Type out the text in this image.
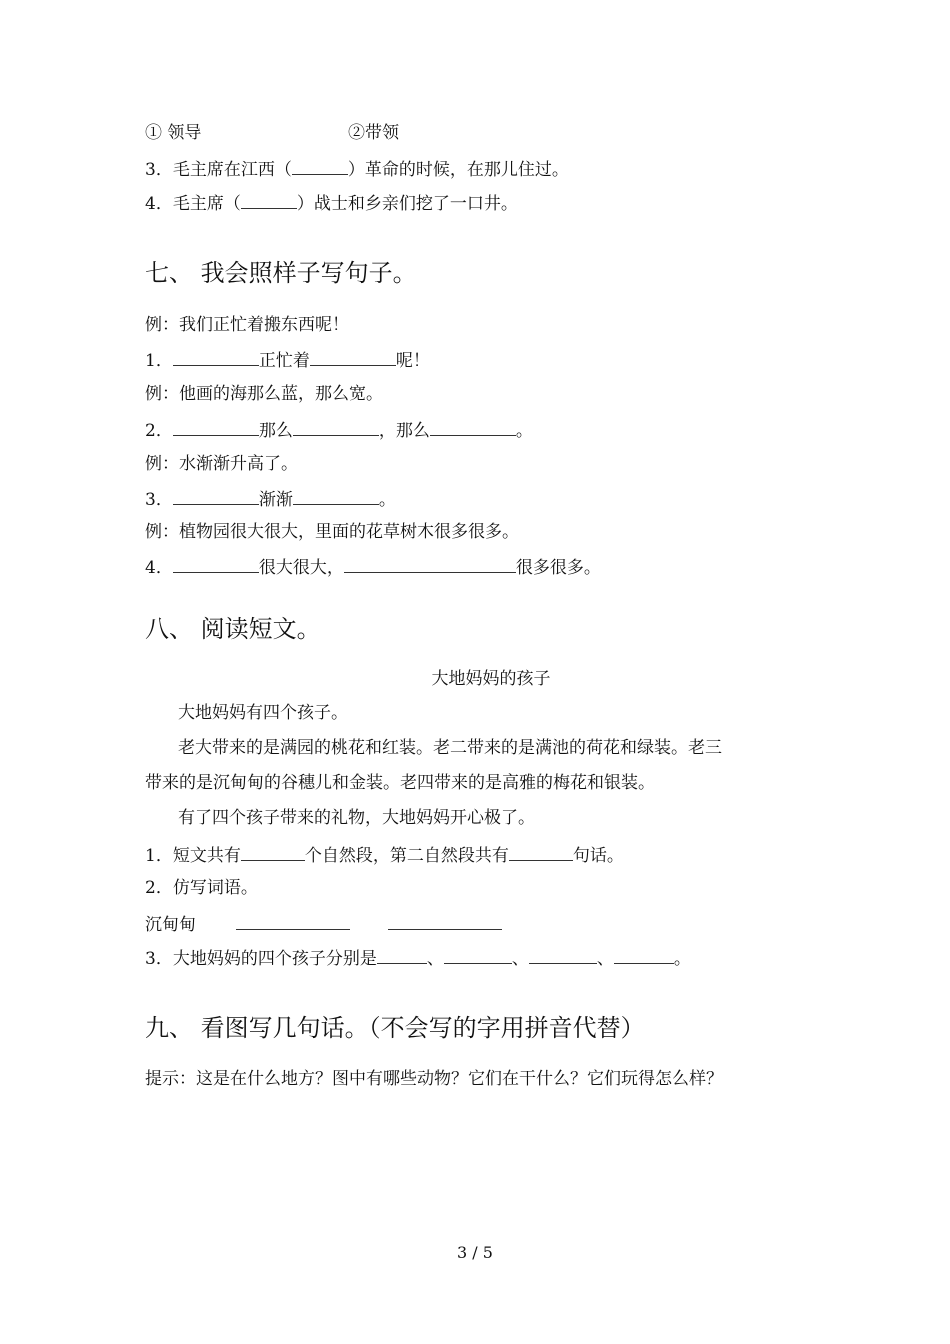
① 领导	②带领
3．毛主席在江西（	）革命的时候，在那儿住过。
4．毛主席（	）战士和乡亲们挖了一口井。
七、 我会照样子写句子。
例：我们正忙着搬东西呢！
1．	正忙着	呢！
例：他画的海那么蓝，那么宽。
2．	那么	，那么	。
例：水渐渐升高了。
3．	渐渐	。
例：植物园很大很大，里面的花草树木很多很多。
4．	很大很大，	很多很多。
八、 阅读短文。
大地妈妈的孩子
大地妈妈有四个孩子。
老大带来的是满园的桃花和红装。老二带来的是满池的荷花和绿装。老三
带来的是沉甸甸的谷穗儿和金装。老四带来的是高雅的梅花和银装。
有了四个孩子带来的礼物，大地妈妈开心极了。
1．短文共有	个自然段，第二自然段共有	句话。
2．仿写词语。
沉甸甸
3．大地妈妈的四个孩子分别是	、	、	、	。
九、 看图写几句话。（不会写的字用拼音代替）
提示：这是在什么地方？图中有哪些动物？它们在干什么？它们玩得怎么样？
3 / 5
